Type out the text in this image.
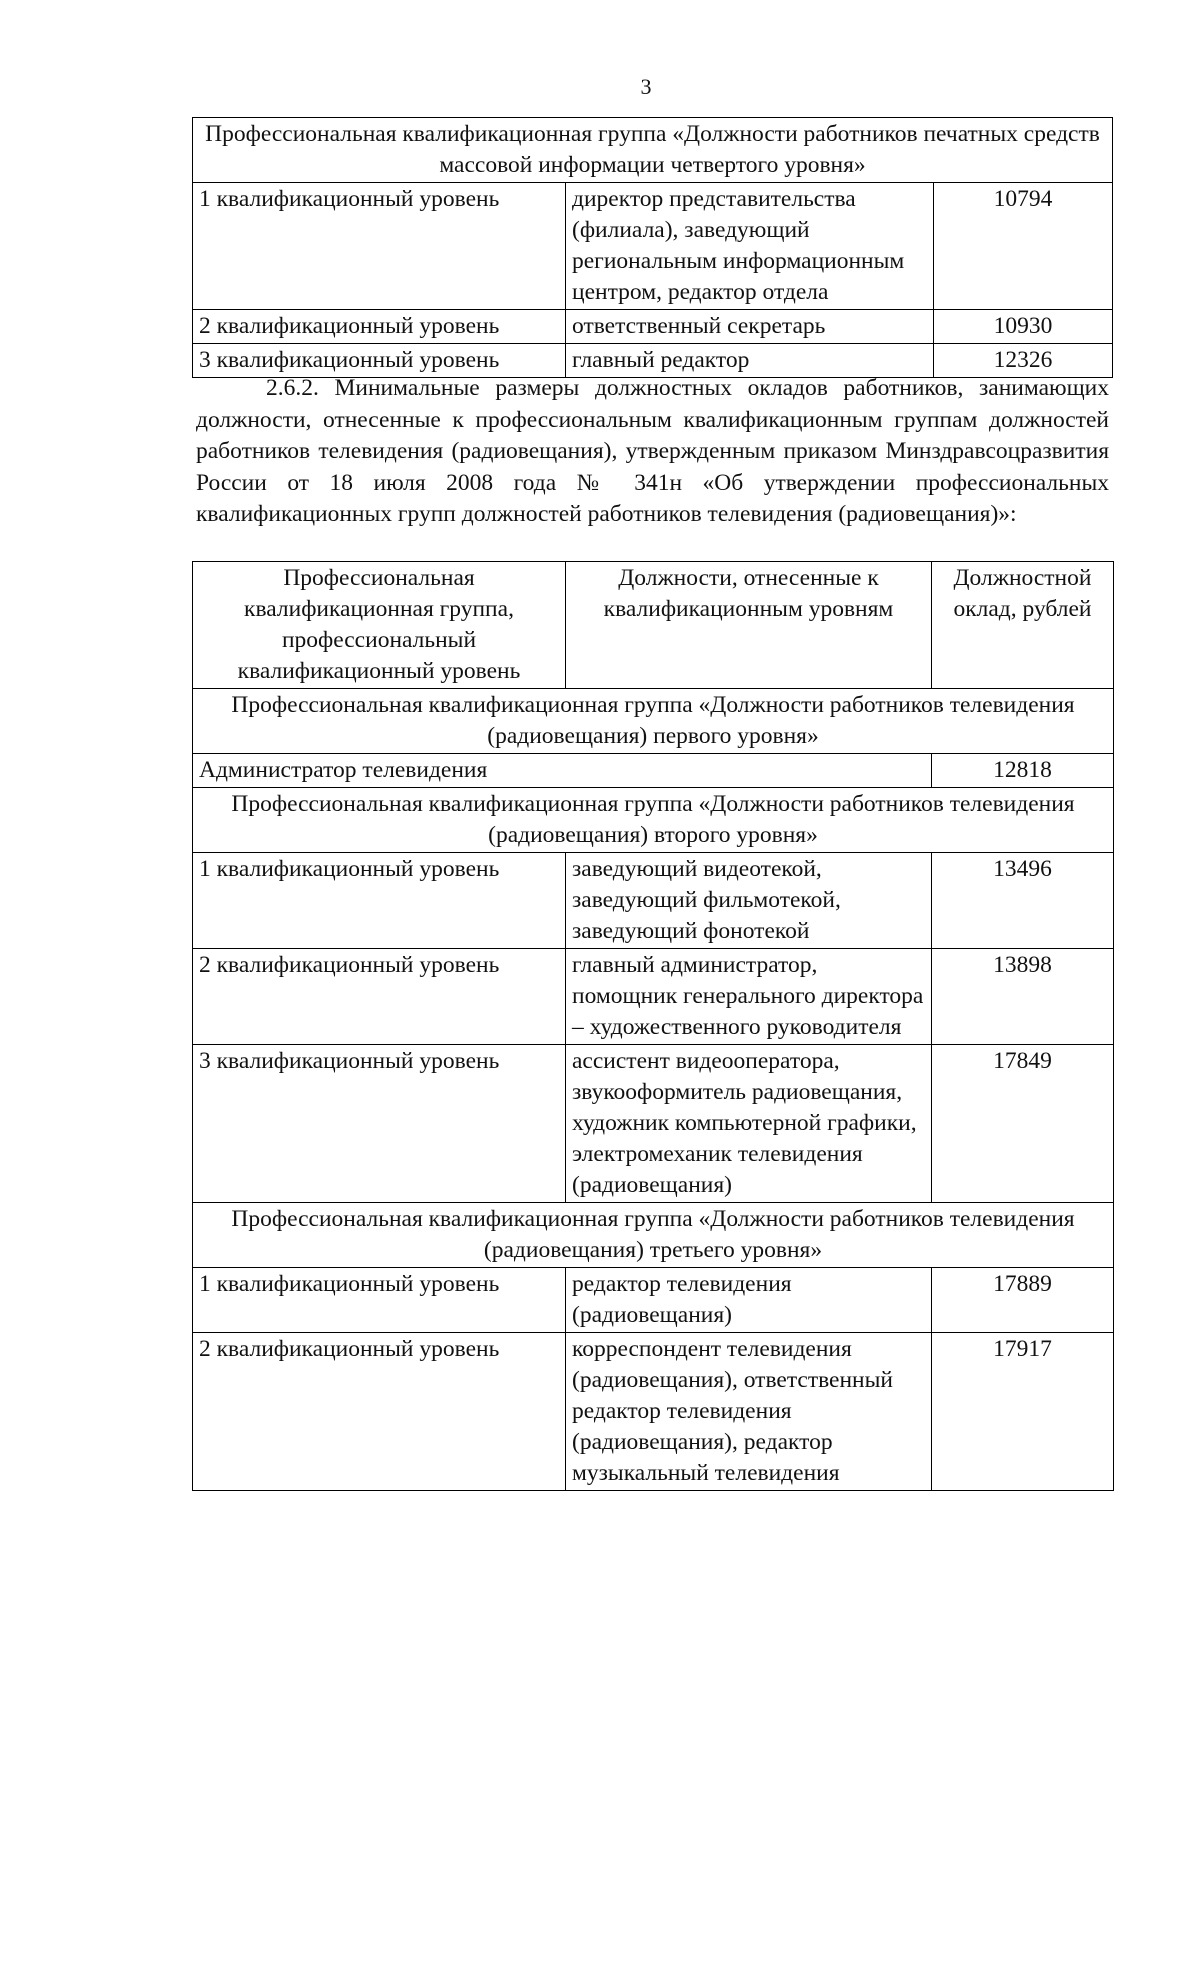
3
Профессиональная квалификационная группа «Должности работников печатных средств массовой информации четвертого уровня»		
1 квалификационный уровень	директор представительства (филиала), заведующий региональным информационным центром, редактор отдела	10794
2 квалификационный уровень	ответственный секретарь	10930
3 квалификационный уровень	главный редактор	12326
2.6.2. Минимальные размеры должностных окладов работников, занимающих должности, отнесенные к профессиональным квалификационным группам должностей работников телевидения (радиовещания), утвержденным приказом Минздравсоцразвития России от 18 июля 2008 года № 341н «Об утверждении профессиональных квалификационных групп должностей работников телевидения (радиовещания)»:
Профессиональная квалификационная группа, профессиональный квалификационный уровень	Должности, отнесенные к квалификационным уровням	Должностной оклад, рублей
Профессиональная квалификационная группа «Должности работников телевидения (радиовещания) первого уровня»		
Администратор телевидения		12818
Профессиональная квалификационная группа «Должности работников телевидения (радиовещания) второго уровня»		
1 квалификационный уровень	заведующий видеотекой, заведующий фильмотекой, заведующий фонотекой	13496
2 квалификационный уровень	главный администратор, помощник генерального директора – художественного руководителя	13898
3 квалификационный уровень	ассистент видеооператора, звукооформитель радиовещания, художник компьютерной графики, электромеханик телевидения (радиовещания)	17849
Профессиональная квалификационная группа «Должности работников телевидения (радиовещания) третьего уровня»		
1 квалификационный уровень	редактор телевидения (радиовещания)	17889
2 квалификационный уровень	корреспондент телевидения (радиовещания), ответственный редактор телевидения (радиовещания), редактор музыкальный телевидения	17917
